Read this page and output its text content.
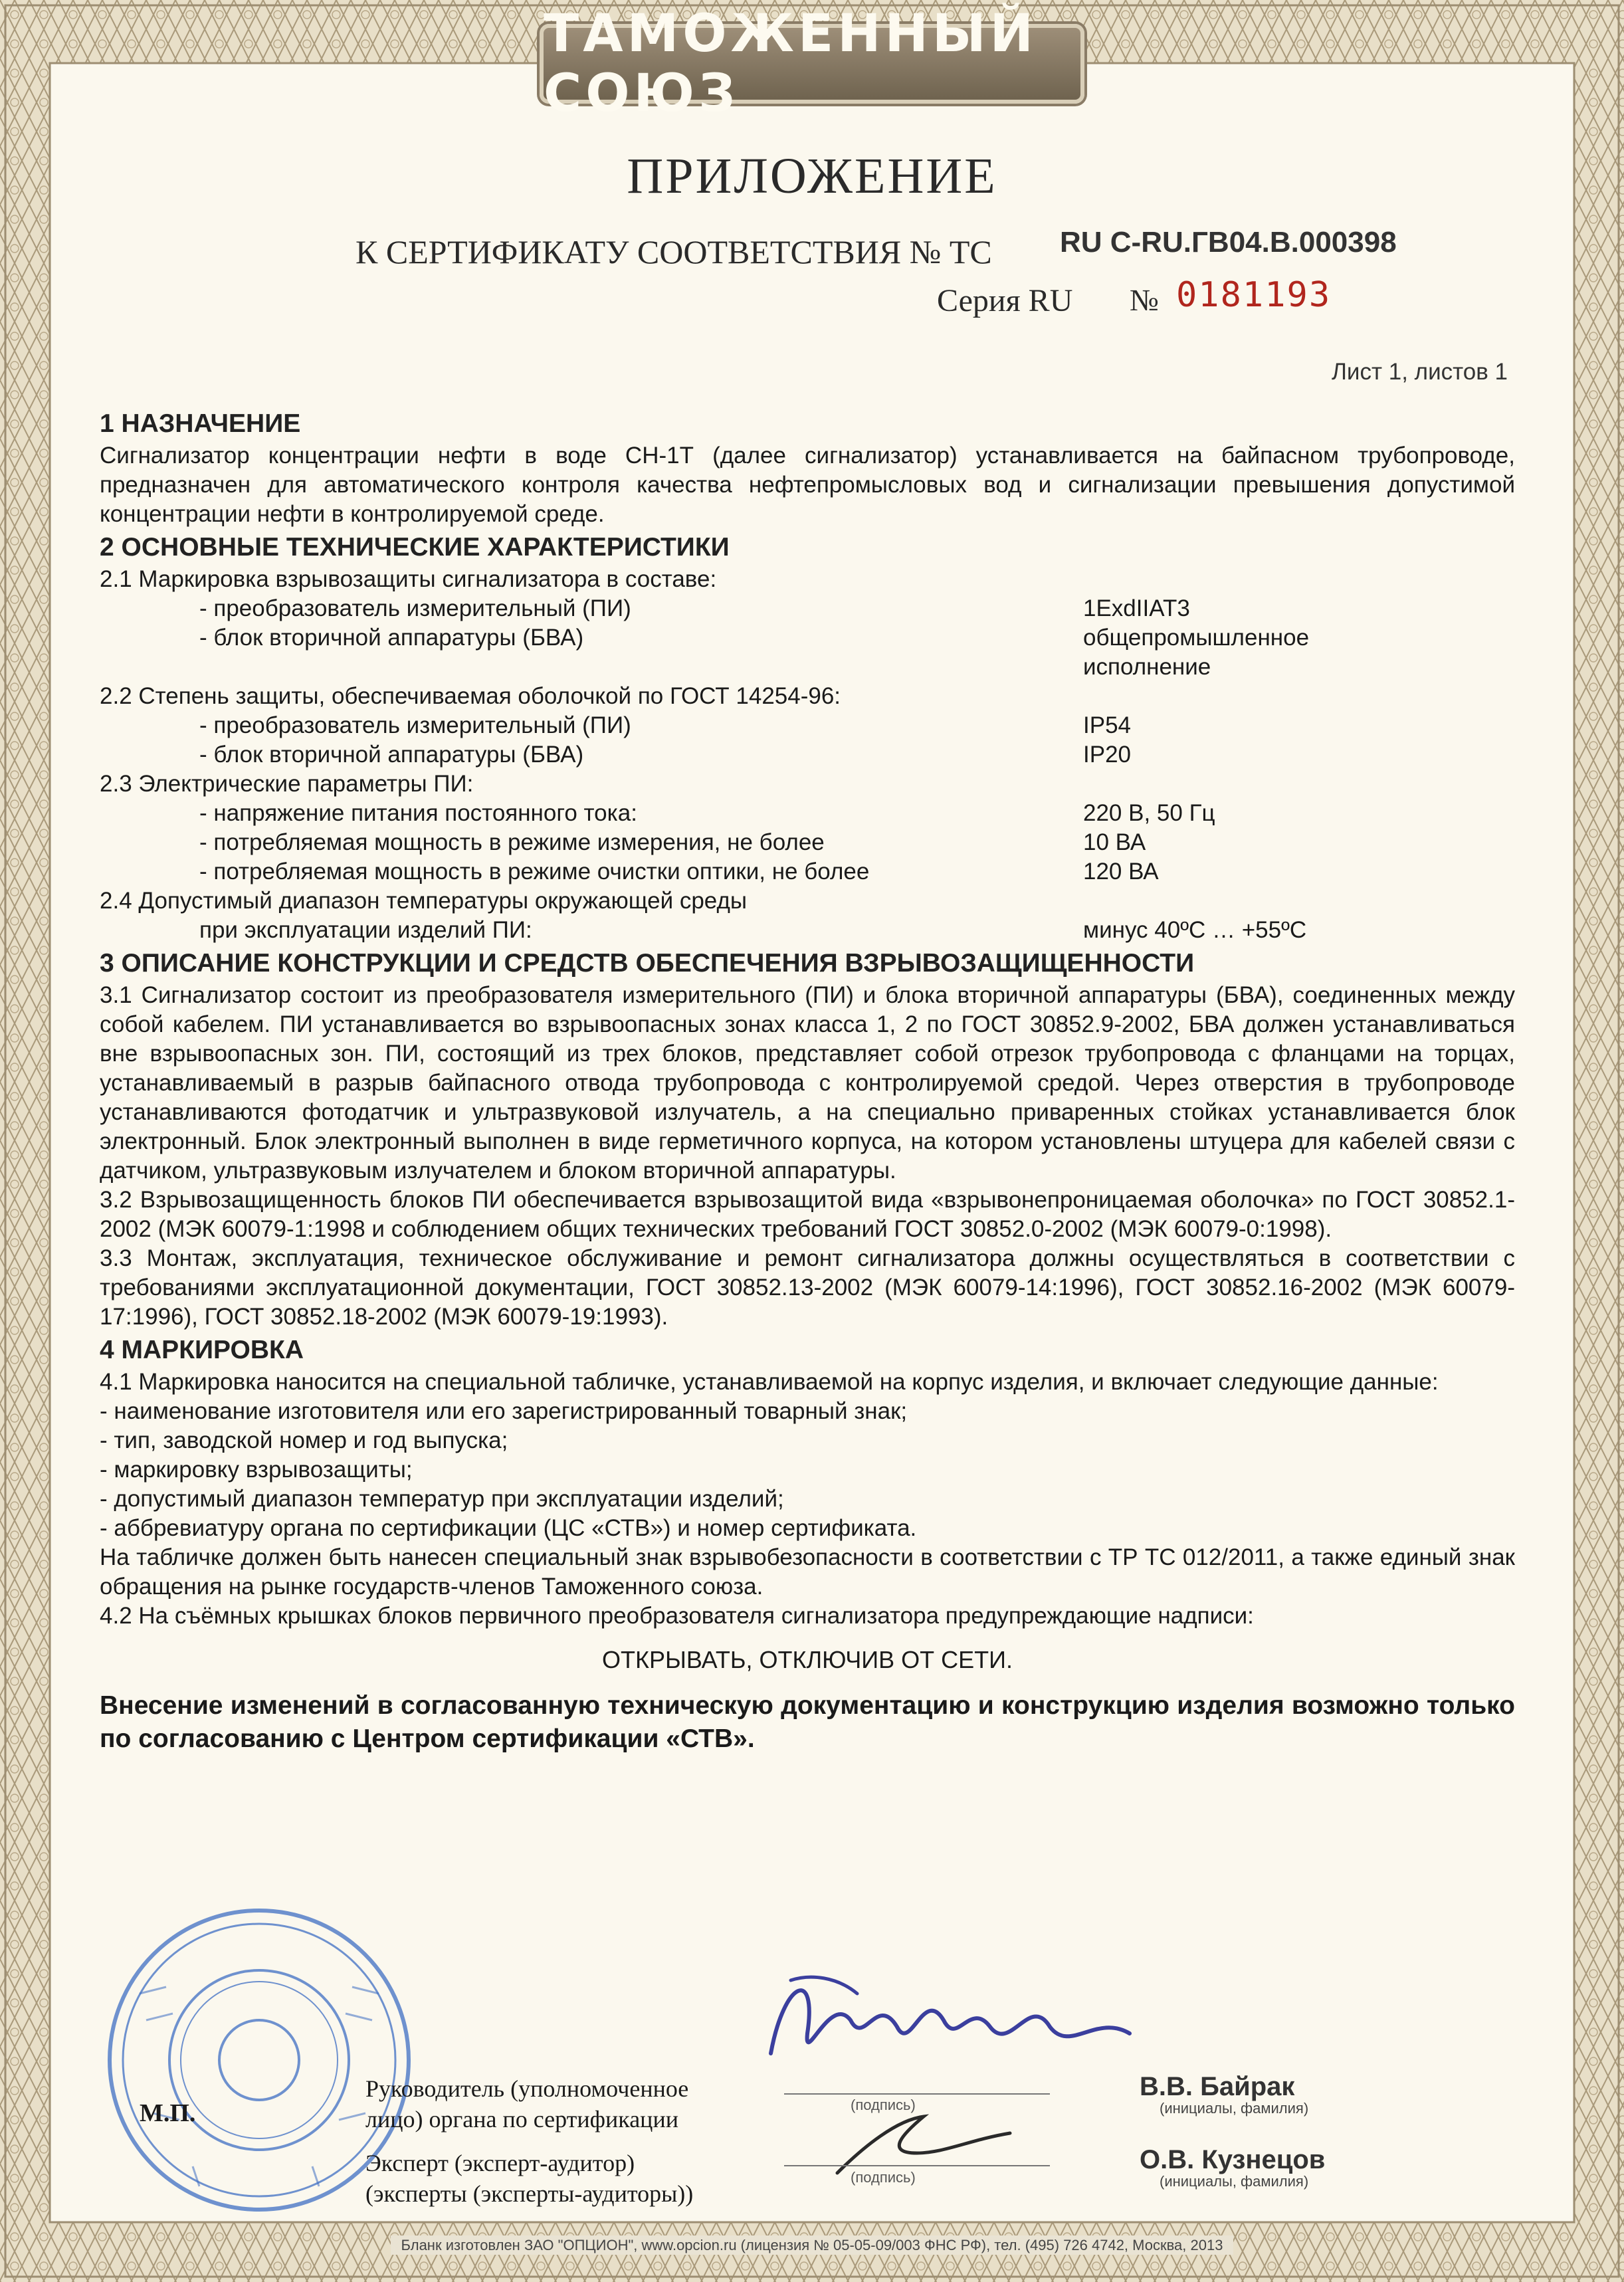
ТАМОЖЕННЫЙ СОЮЗ
ПРИЛОЖЕНИЕ
К СЕРТИФИКАТУ СООТВЕТСТВИЯ № ТС RU C-RU.ГВ04.В.000398
Серия RU № 0181193
Лист 1, листов 1
1 НАЗНАЧЕНИЕ
Сигнализатор концентрации нефти в воде СН-1Т (далее сигнализатор) устанавливается на байпасном трубопроводе, предназначен для автоматического контроля качества нефтепромысловых вод и сигнализации превышения допустимой концентрации нефти в контролируемой среде.
2 ОСНОВНЫЕ ТЕХНИЧЕСКИЕ ХАРАКТЕРИСТИКИ
2.1 Маркировка взрывозащиты сигнализатора в составе:
- преобразователь измерительный (ПИ)	1ExdIIAT3
- блок вторичной аппаратуры (БВА)	общепромышленное исполнение
2.2 Степень защиты, обеспечиваемая оболочкой по ГОСТ 14254-96:
- преобразователь измерительный (ПИ)	IP54
- блок вторичной аппаратуры (БВА)	IP20
2.3 Электрические параметры ПИ:
- напряжение питания постоянного тока:	220 В, 50 Гц
- потребляемая мощность в режиме измерения, не более	10 ВА
- потребляемая мощность в режиме очистки оптики, не более	120 ВА
2.4 Допустимый диапазон температуры окружающей среды
при эксплуатации изделий ПИ:	минус 40ºС … +55ºС
3 ОПИСАНИЕ КОНСТРУКЦИИ И СРЕДСТВ ОБЕСПЕЧЕНИЯ ВЗРЫВОЗАЩИЩЕННОСТИ
3.1 Сигнализатор состоит из преобразователя измерительного (ПИ) и блока вторичной аппаратуры (БВА), соединенных между собой кабелем. ПИ устанавливается во взрывоопасных зонах класса 1, 2 по ГОСТ 30852.9-2002, БВА должен устанавливаться вне взрывоопасных зон. ПИ, состоящий из трех блоков, представляет собой отрезок трубопровода с фланцами на торцах, устанавливаемый в разрыв байпасного отвода трубопровода с контролируемой средой. Через отверстия в трубопроводе устанавливаются фотодатчик и ультразвуковой излучатель, а на специально приваренных стойках устанавливается блок электронный. Блок электронный выполнен в виде герметичного корпуса, на котором установлены штуцера для кабелей связи с датчиком, ультразвуковым излучателем и блоком вторичной аппаратуры.
3.2 Взрывозащищенность блоков ПИ обеспечивается взрывозащитой вида «взрывонепроницаемая оболочка» по ГОСТ 30852.1-2002 (МЭК 60079-1:1998 и соблюдением общих технических требований ГОСТ 30852.0-2002 (МЭК 60079-0:1998).
3.3 Монтаж, эксплуатация, техническое обслуживание и ремонт сигнализатора должны осуществляться в соответствии с требованиями эксплуатационной документации, ГОСТ 30852.13-2002 (МЭК 60079-14:1996), ГОСТ 30852.16-2002 (МЭК 60079-17:1996), ГОСТ 30852.18-2002 (МЭК 60079-19:1993).
4 МАРКИРОВКА
4.1 Маркировка наносится на специальной табличке, устанавливаемой на корпус изделия, и включает следующие данные:
- наименование изготовителя или его зарегистрированный товарный знак;
- тип, заводской номер и год выпуска;
- маркировку взрывозащиты;
- допустимый диапазон температур при эксплуатации изделий;
- аббревиатуру органа по сертификации (ЦС «СТВ») и номер сертификата.
На табличке должен быть нанесен специальный знак взрывобезопасности в соответствии с ТР ТС 012/2011, а также единый знак обращения на рынке государств-членов Таможенного союза.
4.2 На съёмных крышках блоков первичного преобразователя сигнализатора предупреждающие надписи:
ОТКРЫВАТЬ, ОТКЛЮЧИВ ОТ СЕТИ.
Внесение изменений в согласованную техническую документацию и конструкцию изделия возможно только по согласованию с Центром сертификации «СТВ».
М.П.
Руководитель (уполномоченное
лицо) органа по сертификации
(подпись)
В.В. Байрак
(инициалы, фамилия)
Эксперт (эксперт-аудитор)
(эксперты (эксперты-аудиторы))
(подпись)
О.В. Кузнецов
(инициалы, фамилия)
Бланк изготовлен ЗАО "ОПЦИОН", www.opcion.ru (лицензия № 05-05-09/003 ФНС РФ), тел. (495) 726 4742, Москва, 2013
